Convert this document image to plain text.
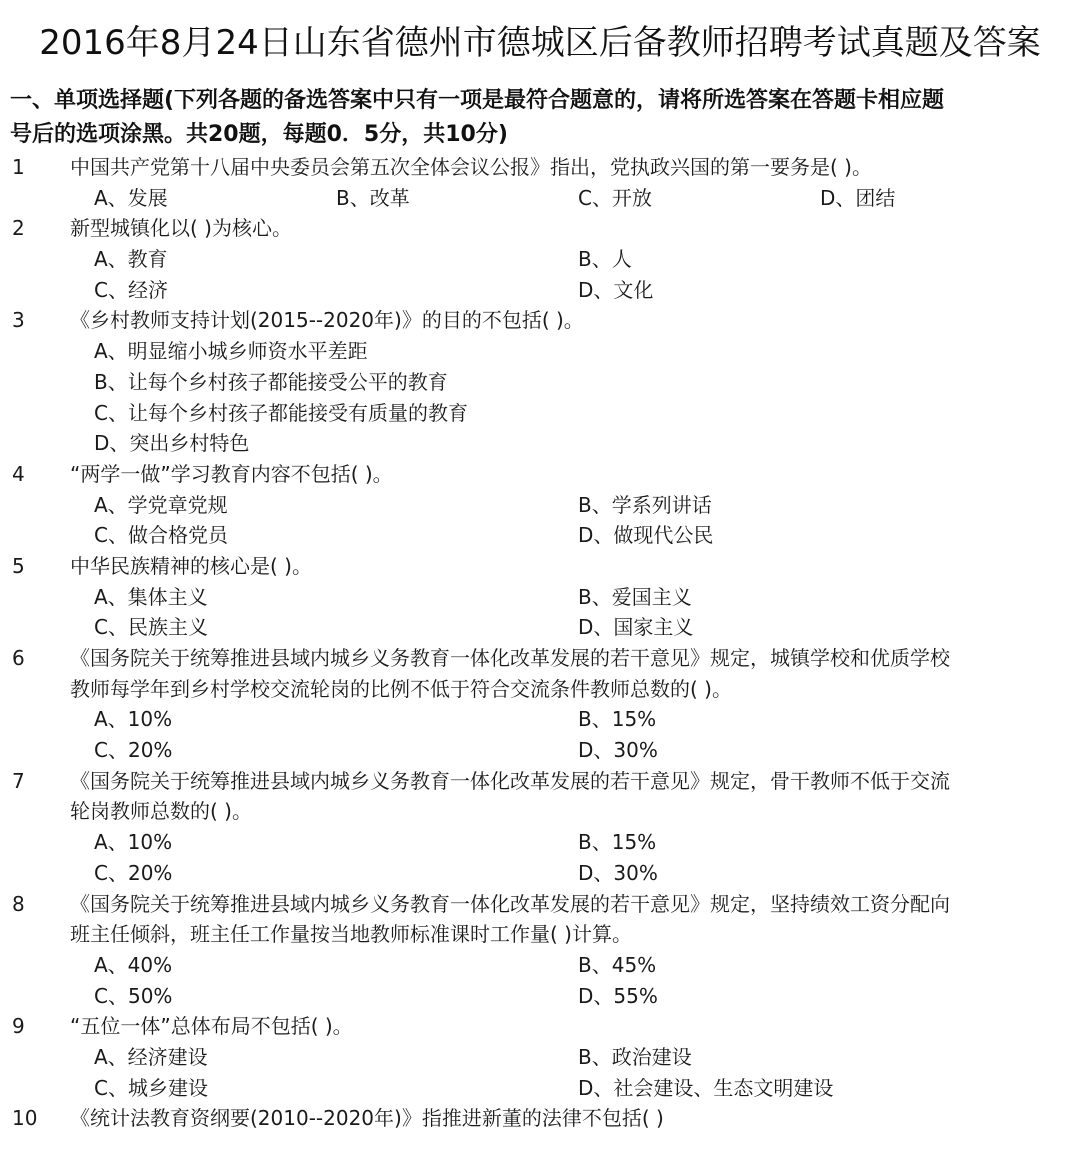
2016年8月24日山东省德州市德城区后备教师招聘考试真题及答案
一、单项选择题(下列各题的备选答案中只有一项是最符合题意的，请将所选答案在答题卡相应题
号后的选项涂黑。共20题，每题0．5分，共10分)
1 中国共产党第十八届中央委员会第五次全体会议公报》指出，党执政兴国的第一要务是( )。
A、发展	B、改革	C、开放	D、团结
2 新型城镇化以( )为核心。
A、教育	B、人
C、经济	D、文化
3 《乡村教师支持计划(2015--2020年)》的目的不包括( )。
A、明显缩小城乡师资水平差距
B、让每个乡村孩子都能接受公平的教育
C、让每个乡村孩子都能接受有质量的教育
D、突出乡村特色
4 “两学一做”学习教育内容不包括( )。
A、学党章党规	B、学系列讲话
C、做合格党员	D、做现代公民
5 中华民族精神的核心是( )。
A、集体主义	B、爱国主义
C、民族主义	D、国家主义
6 《国务院关于统筹推进县域内城乡义务教育一体化改革发展的若干意见》规定，城镇学校和优质学校
教师每学年到乡村学校交流轮岗的比例不低于符合交流条件教师总数的( )。
A、10%	B、15%
C、20%	D、30%
7 《国务院关于统筹推进县域内城乡义务教育一体化改革发展的若干意见》规定，骨干教师不低于交流
轮岗教师总数的( )。
A、10%	B、15%
C、20%	D、30%
8 《国务院关于统筹推进县域内城乡义务教育一体化改革发展的若干意见》规定，坚持绩效工资分配向
班主任倾斜，班主任工作量按当地教师标准课时工作量( )计算。
A、40%	B、45%
C、50%	D、55%
9 “五位一体”总体布局不包括( )。
A、经济建设	B、政治建设
C、城乡建设	D、社会建设、生态文明建设
10 《统计法教育资纲要(2010--2020年)》指推进新董的法律不包括( )
